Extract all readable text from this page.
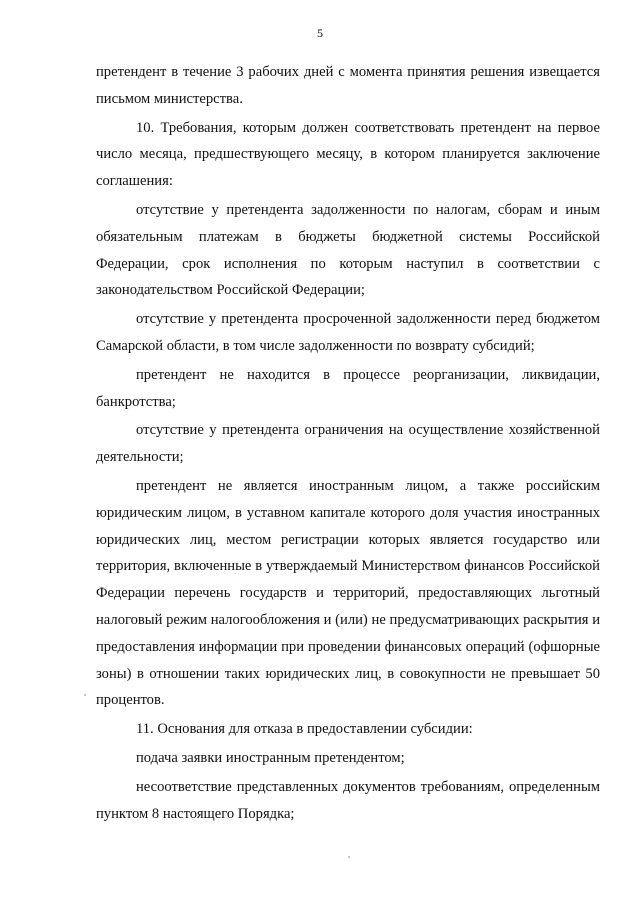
5

претендент в течение 3 рабочих дней с момента принятия решения извещается письмом министерства.

10. Требования, которым должен соответствовать претендент на первое число месяца, предшествующего месяцу, в котором планируется заключение соглашения:

отсутствие у претендента задолженности по налогам, сборам и иным обязательным платежам в бюджеты бюджетной системы Российской Федерации, срок исполнения по которым наступил в соответствии с законодательством Российской Федерации;

отсутствие у претендента просроченной задолженности перед бюджетом Самарской области, в том числе задолженности по возврату субсидий;

претендент не находится в процессе реорганизации, ликвидации, банкротства;

отсутствие у претендента ограничения на осуществление хозяйственной деятельности;

претендент не является иностранным лицом, а также российским юридическим лицом, в уставном капитале которого доля участия иностранных юридических лиц, местом регистрации которых является государство или территория, включенные в утверждаемый Министерством финансов Российской Федерации перечень государств и территорий, предоставляющих льготный налоговый режим налогообложения и (или) не предусматривающих раскрытия и предоставления информации при проведении финансовых операций (офшорные зоны) в отношении таких юридических лиц, в совокупности не превышает 50 процентов.

11. Основания для отказа в предоставлении субсидии:

подача заявки иностранным претендентом;

несоответствие представленных документов требованиям, определенным пунктом 8 настоящего Порядка;
